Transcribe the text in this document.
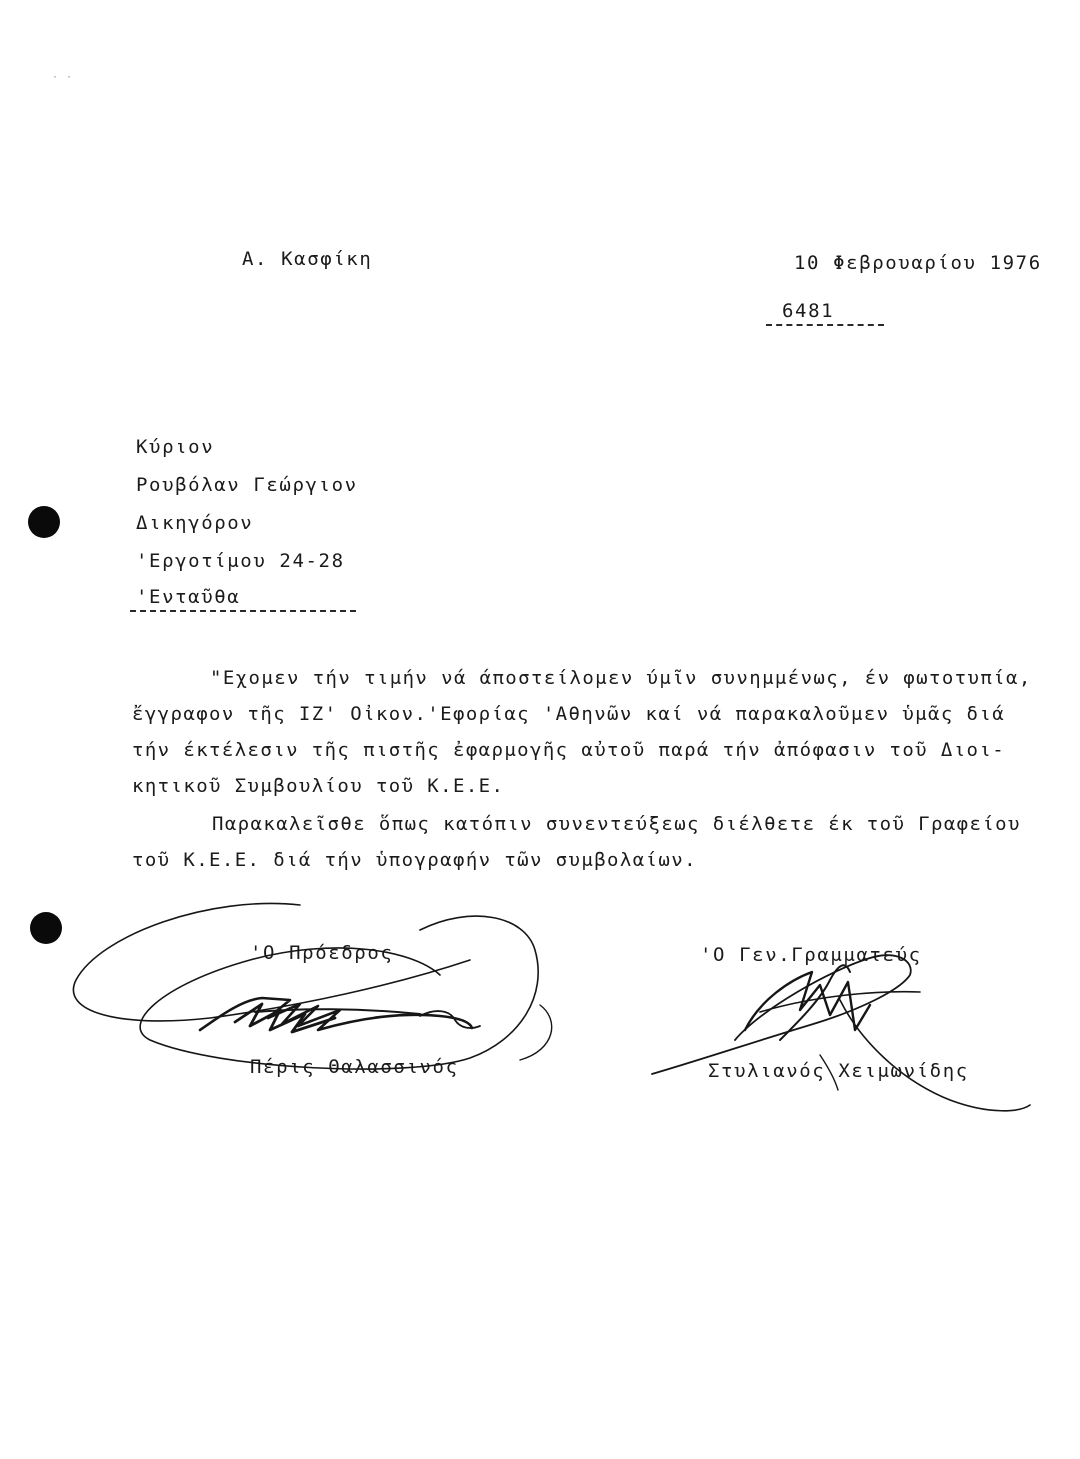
··
Α. Κασφίκη	10 Φεβρουαρίου 1976
6481
Κύριον
Ρουβόλαν Γεώργιον
Δικηγόρον
'Εργοτίμου 24-28
'Ενταῦθα
"Εχομεν τήν τιμήν νά άποστείλομεν ύμῖν συνημμένως, έν φωτοτυπία,
ἔγγραφον τῆς ΙΖ' Οἰκον.'Εφορίας 'Αθηνῶν καί νά παρακαλοῦμεν ὑμᾶς διά
τήν έκτέλεσιν τῆς πιστῆς ἐφαρμογῆς αὐτοῦ παρά τήν ἀπόφασιν τοῦ Διοι-
κητικοῦ Συμβουλίου τοῦ Κ.Ε.Ε.
Παρακαλεῖσθε ὅπως κατόπιν συνεντεύξεως διέλθετε έκ τοῦ Γραφείου
τοῦ Κ.Ε.Ε. διά τήν ὑπογραφήν τῶν συμβολαίων.
'Ο Πρόεδρος
Πέρις Θαλασσινός
'Ο Γεν.Γραμματεύς
Στυλιανός Χειμωνίδης
